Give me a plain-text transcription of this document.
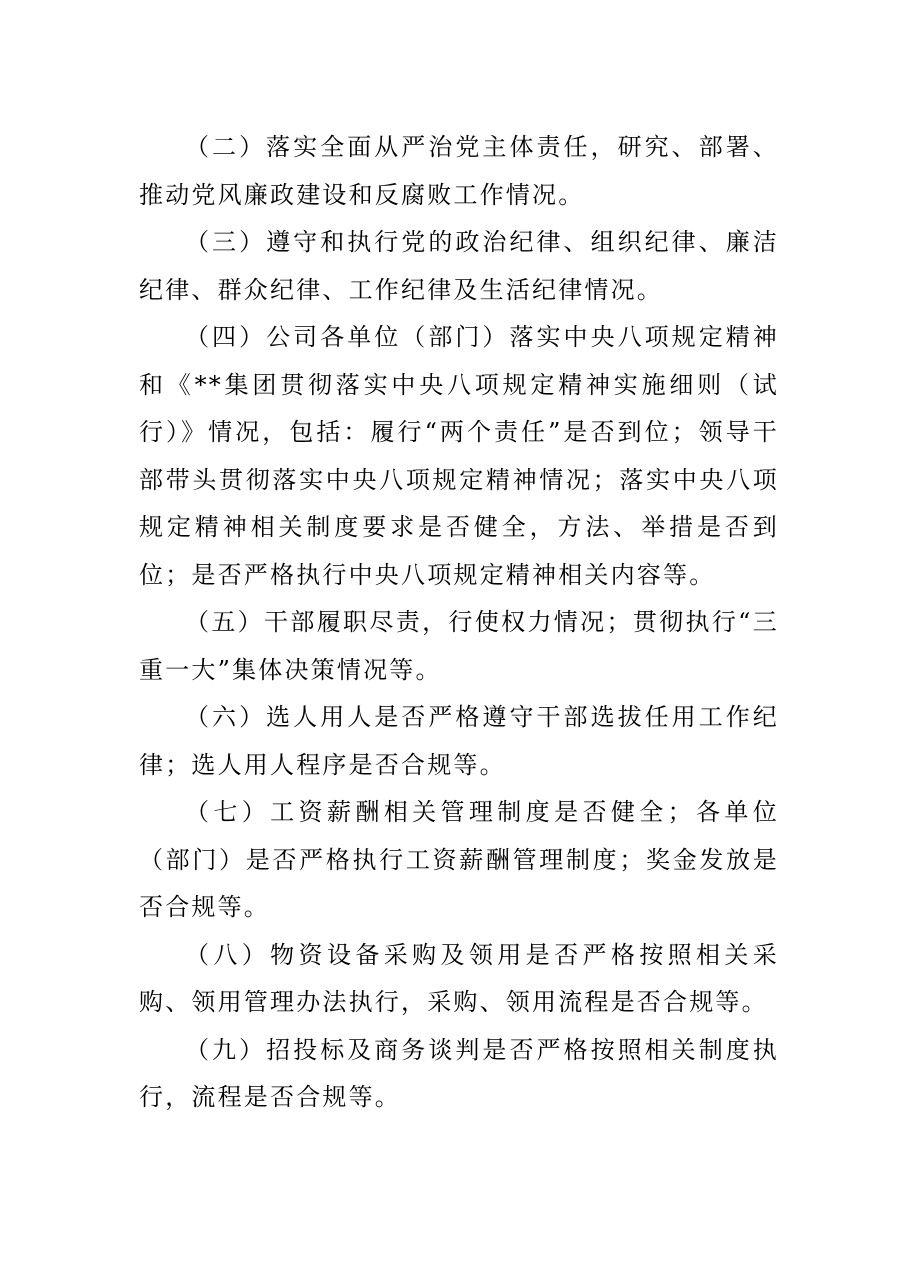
（二）落实全面从严治党主体责任，研究、部署、推动党风廉政建设和反腐败工作情况。

（三）遵守和执行党的政治纪律、组织纪律、廉洁纪律、群众纪律、工作纪律及生活纪律情况。

（四）公司各单位（部门）落实中央八项规定精神和《**集团贯彻落实中央八项规定精神实施细则（试行）》情况，包括：履行“两个责任”是否到位；领导干部带头贯彻落实中央八项规定精神情况；落实中央八项规定精神相关制度要求是否健全，方法、举措是否到位；是否严格执行中央八项规定精神相关内容等。

（五）干部履职尽责，行使权力情况；贯彻执行“三重一大”集体决策情况等。

（六）选人用人是否严格遵守干部选拔任用工作纪律；选人用人程序是否合规等。

（七）工资薪酬相关管理制度是否健全；各单位（部门）是否严格执行工资薪酬管理制度；奖金发放是否合规等。

（八）物资设备采购及领用是否严格按照相关采购、领用管理办法执行，采购、领用流程是否合规等。

（九）招投标及商务谈判是否严格按照相关制度执行，流程是否合规等。
